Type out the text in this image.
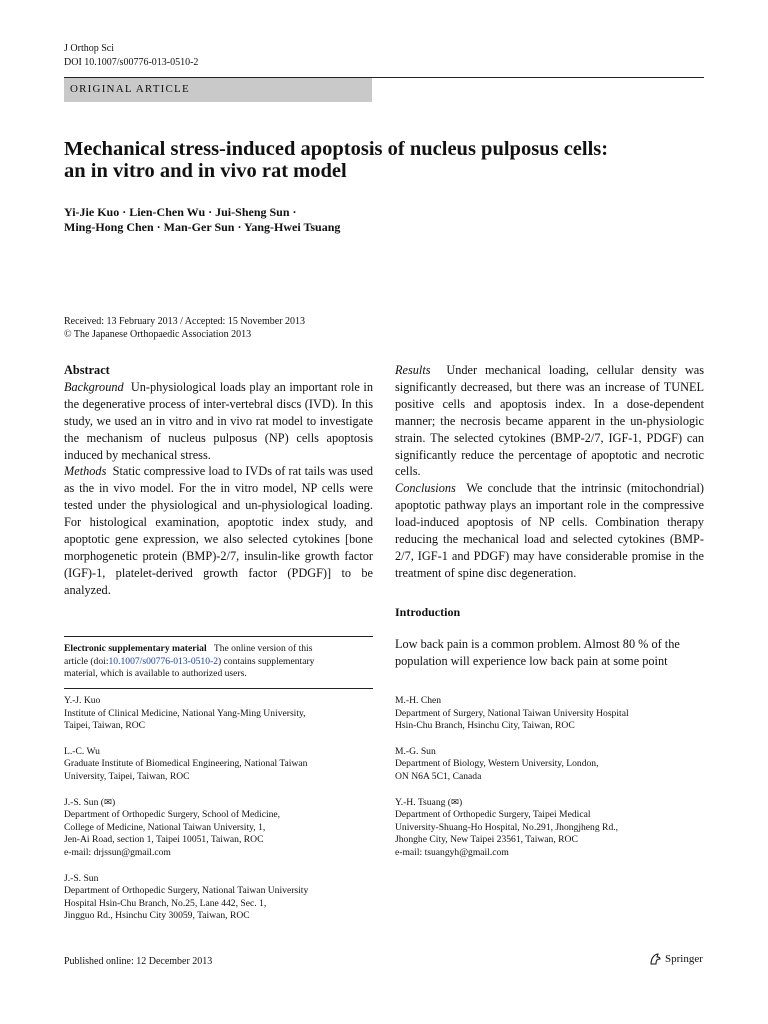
J Orthop Sci
DOI 10.1007/s00776-013-0510-2
ORIGINAL ARTICLE
Mechanical stress-induced apoptosis of nucleus pulposus cells:
an in vitro and in vivo rat model
Yi-Jie Kuo · Lien-Chen Wu · Jui-Sheng Sun ·
Ming-Hong Chen · Man-Ger Sun · Yang-Hwei Tsuang
Received: 13 February 2013 / Accepted: 15 November 2013
© The Japanese Orthopaedic Association 2013
Abstract
Background Un-physiological loads play an important role in the degenerative process of inter-vertebral discs (IVD). In this study, we used an in vitro and in vivo rat model to investigate the mechanism of nucleus pulposus (NP) cells apoptosis induced by mechanical stress.
Methods Static compressive load to IVDs of rat tails was used as the in vivo model. For the in vitro model, NP cells were tested under the physiological and un-physiological loading. For histological examination, apoptotic index study, and apoptotic gene expression, we also selected cytokines [bone morphogenetic protein (BMP)-2/7, insulin-like growth factor (IGF)-1, platelet-derived growth factor (PDGF)] to be analyzed.
Results Under mechanical loading, cellular density was significantly decreased, but there was an increase of TUNEL positive cells and apoptosis index. In a dose-dependent manner; the necrosis became apparent in the un-physiologic strain. The selected cytokines (BMP-2/7, IGF-1, PDGF) can significantly reduce the percentage of apoptotic and necrotic cells.
Conclusions We conclude that the intrinsic (mitochondrial) apoptotic pathway plays an important role in the compressive load-induced apoptosis of NP cells. Combination therapy reducing the mechanical load and selected cytokines (BMP-2/7, IGF-1 and PDGF) may have considerable promise in the treatment of spine disc degeneration.
Introduction
Low back pain is a common problem. Almost 80 % of the
population will experience low back pain at some point
Electronic supplementary material The online version of this
article (doi:10.1007/s00776-013-0510-2) contains supplementary
material, which is available to authorized users.
Y.-J. Kuo
Institute of Clinical Medicine, National Yang-Ming University,
Taipei, Taiwan, ROC
L.-C. Wu
Graduate Institute of Biomedical Engineering, National Taiwan
University, Taipei, Taiwan, ROC
J.-S. Sun (✉)
Department of Orthopedic Surgery, School of Medicine,
College of Medicine, National Taiwan University, 1,
Jen-Ai Road, section 1, Taipei 10051, Taiwan, ROC
e-mail: drjssun@gmail.com
J.-S. Sun
Department of Orthopedic Surgery, National Taiwan University
Hospital Hsin-Chu Branch, No.25, Lane 442, Sec. 1,
Jingguo Rd., Hsinchu City 30059, Taiwan, ROC
M.-H. Chen
Department of Surgery, National Taiwan University Hospital
Hsin-Chu Branch, Hsinchu City, Taiwan, ROC
M.-G. Sun
Department of Biology, Western University, London,
ON N6A 5C1, Canada
Y.-H. Tsuang (✉)
Department of Orthopedic Surgery, Taipei Medical
University-Shuang-Ho Hospital, No.291, Jhongjheng Rd.,
Jhonghe City, New Taipei 23561, Taiwan, ROC
e-mail: tsuangyh@gmail.com
Published online: 12 December 2013	Springer
